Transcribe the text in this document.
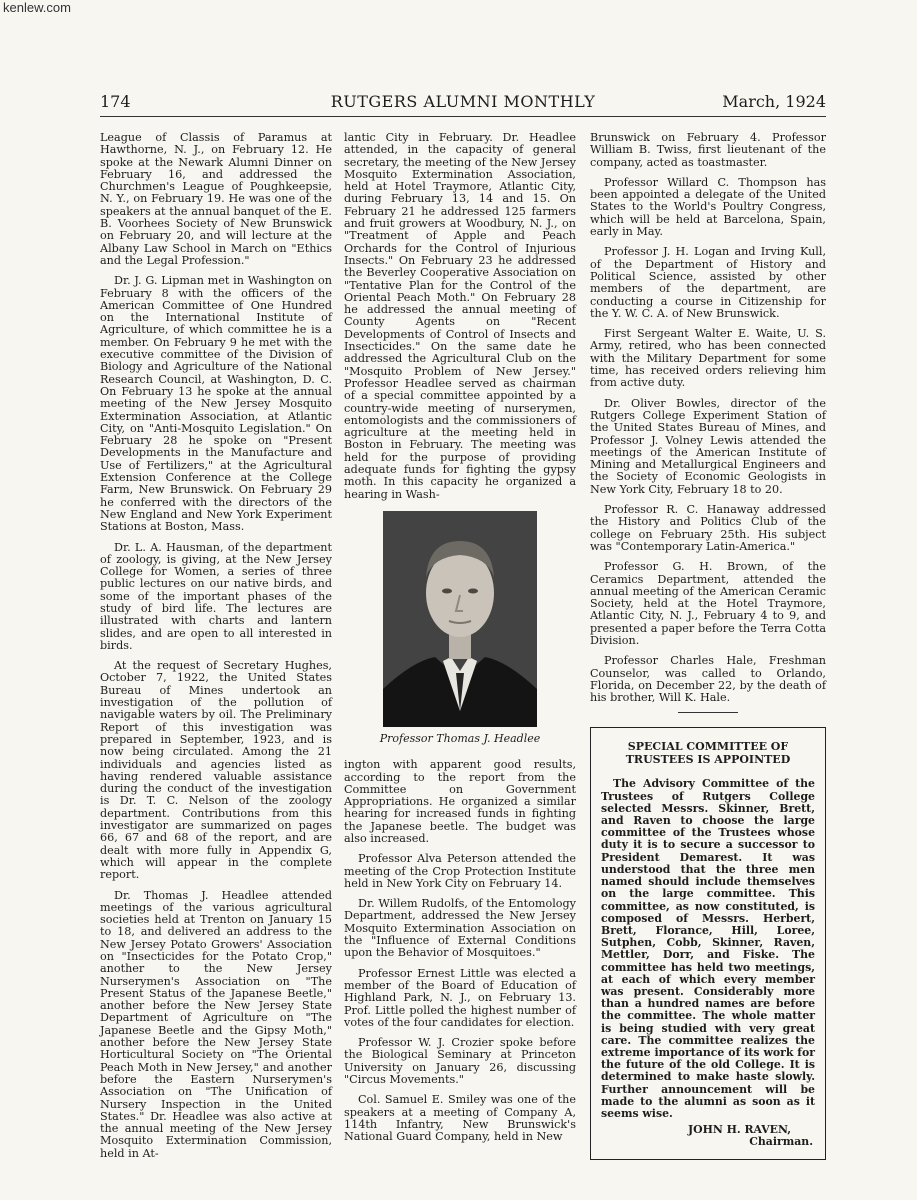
kenlew.com
RUTGERS ALUMNI MONTHLY
174	March, 1924

League of Classis of Paramus at Hawthorne, N. J., on February 12. He spoke at the Newark Alumni Dinner on February 16, and addressed the Churchmen's League of Poughkeepsie, N. Y., on February 19. He was one of the speakers at the annual banquet of the E. B. Voorhees Society of New Brunswick on February 20, and will lecture at the Albany Law School in March on "Ethics and the Legal Profession."

Dr. J. G. Lipman met in Washington on February 8 with the officers of the American Committee of One Hundred on the International Institute of Agriculture, of which committee he is a member. On February 9 he met with the executive committee of the Division of Biology and Agriculture of the National Research Council, at Washington, D. C. On February 13 he spoke at the annual meeting of the New Jersey Mosquito Extermination Association, at Atlantic City, on "Anti-Mosquito Legislation." On February 28 he spoke on "Present Developments in the Manufacture and Use of Fertilizers," at the Agricultural Extension Conference at the College Farm, New Brunswick. On February 29 he conferred with the directors of the New England and New York Experiment Stations at Boston, Mass.

Dr. L. A. Hausman, of the department of zoology, is giving, at the New Jersey College for Women, a series of three public lectures on our native birds, and some of the important phases of the study of bird life. The lectures are illustrated with charts and lantern slides, and are open to all interested in birds.

At the request of Secretary Hughes, October 7, 1922, the United States Bureau of Mines undertook an investigation of the pollution of navigable waters by oil. The Preliminary Report of this investigation was prepared in September, 1923, and is now being circulated. Among the 21 individuals and agencies listed as having rendered valuable assistance during the conduct of the investigation is Dr. T. C. Nelson of the zoology department. Contributions from this investigator are summarized on pages 66, 67 and 68 of the report, and are dealt with more fully in Appendix G, which will appear in the complete report.

Dr. Thomas J. Headlee attended meetings of the various agricultural societies held at Trenton on January 15 to 18, and delivered an address to the New Jersey Potato Growers' Association on "Insecticides for the Potato Crop," another to the New Jersey Nurserymen's Association on "The Present Status of the Japanese Beetle," another before the New Jersey State Department of Agriculture on "The Japanese Beetle and the Gipsy Moth," another before the New Jersey State Horticultural Society on "The Oriental Peach Moth in New Jersey," and another before the Eastern Nurserymen's Association on "The Unification of Nursery Inspection in the United States." Dr. Headlee was also active at the annual meeting of the New Jersey Mosquito Extermination Commission, held in At-

lantic City in February. Dr. Headlee attended, in the capacity of general secretary, the meeting of the New Jersey Mosquito Extermination Association, held at Hotel Traymore, Atlantic City, during February 13, 14 and 15. On February 21 he addressed 125 farmers and fruit growers at Woodbury, N. J., on "Treatment of Apple and Peach Orchards for the Control of Injurious Insects." On February 23 he addressed the Beverley Cooperative Association on "Tentative Plan for the Control of the Oriental Peach Moth." On February 28 he addressed the annual meeting of County Agents on "Recent Developments of Control of Insects and Insecticides." On the same date he addressed the Agricultural Club on the "Mosquito Problem of New Jersey." Professor Headlee served as chairman of a special committee appointed by a country-wide meeting of nurserymen, entomologists and the commissioners of agriculture at the meeting held in Boston in February. The meeting was held for the purpose of providing adequate funds for fighting the gypsy moth. In this capacity he organized a hearing in Wash-

Professor Thomas J. Headlee

ington with apparent good results, according to the report from the Committee on Government Appropriations. He organized a similar hearing for increased funds in fighting the Japanese beetle. The budget was also increased.

Professor Alva Peterson attended the meeting of the Crop Protection Institute held in New York City on February 14.

Dr. Willem Rudolfs, of the Entomology Department, addressed the New Jersey Mosquito Extermination Association on the "Influence of External Conditions upon the Behavior of Mosquitoes."

Professor Ernest Little was elected a member of the Board of Education of Highland Park, N. J., on February 13. Prof. Little polled the highest number of votes of the four candidates for election.

Professor W. J. Crozier spoke before the Biological Seminary at Princeton University on January 26, discussing "Circus Movements."

Col. Samuel E. Smiley was one of the speakers at a meeting of Company A, 114th Infantry, New Brunswick's National Guard Company, held in New

Brunswick on February 4. Professor William B. Twiss, first lieutenant of the company, acted as toastmaster.

Professor Willard C. Thompson has been appointed a delegate of the United States to the World's Poultry Congress, which will be held at Barcelona, Spain, early in May.

Professor J. H. Logan and Irving Kull, of the Department of History and Political Science, assisted by other members of the department, are conducting a course in Citizenship for the Y. W. C. A. of New Brunswick.

First Sergeant Walter E. Waite, U. S. Army, retired, who has been connected with the Military Department for some time, has received orders relieving him from active duty.

Dr. Oliver Bowles, director of the Rutgers College Experiment Station of the United States Bureau of Mines, and Professor J. Volney Lewis attended the meetings of the American Institute of Mining and Metallurgical Engineers and the Society of Economic Geologists in New York City, February 18 to 20.

Professor R. C. Hanaway addressed the History and Politics Club of the college on February 25th. His subject was "Contemporary Latin-America."

Professor G. H. Brown, of the Ceramics Department, attended the annual meeting of the American Ceramic Society, held at the Hotel Traymore, Atlantic City, N. J., February 4 to 9, and presented a paper before the Terra Cotta Division.

Professor Charles Hale, Freshman Counselor, was called to Orlando, Florida, on December 22, by the death of his brother, Will K. Hale.

SPECIAL COMMITTEE OF
TRUSTEES IS APPOINTED

The Advisory Committee of the Trustees of Rutgers College selected Messrs. Skinner, Brett, and Raven to choose the large committee of the Trustees whose duty it is to secure a successor to President Demarest. It was understood that the three men named should include themselves on the large committee. This committee, as now constituted, is composed of Messrs. Herbert, Brett, Florance, Hill, Loree, Sutphen, Cobb, Skinner, Raven, Mettler, Dorr, and Fiske. The committee has held two meetings, at each of which every member was present. Considerably more than a hundred names are before the committee. The whole matter is being studied with very great care. The committee realizes the extreme importance of its work for the future of the old College. It is determined to make haste slowly. Further announcement will be made to the alumni as soon as it seems wise.

JOHN H. RAVEN,
Chairman.
